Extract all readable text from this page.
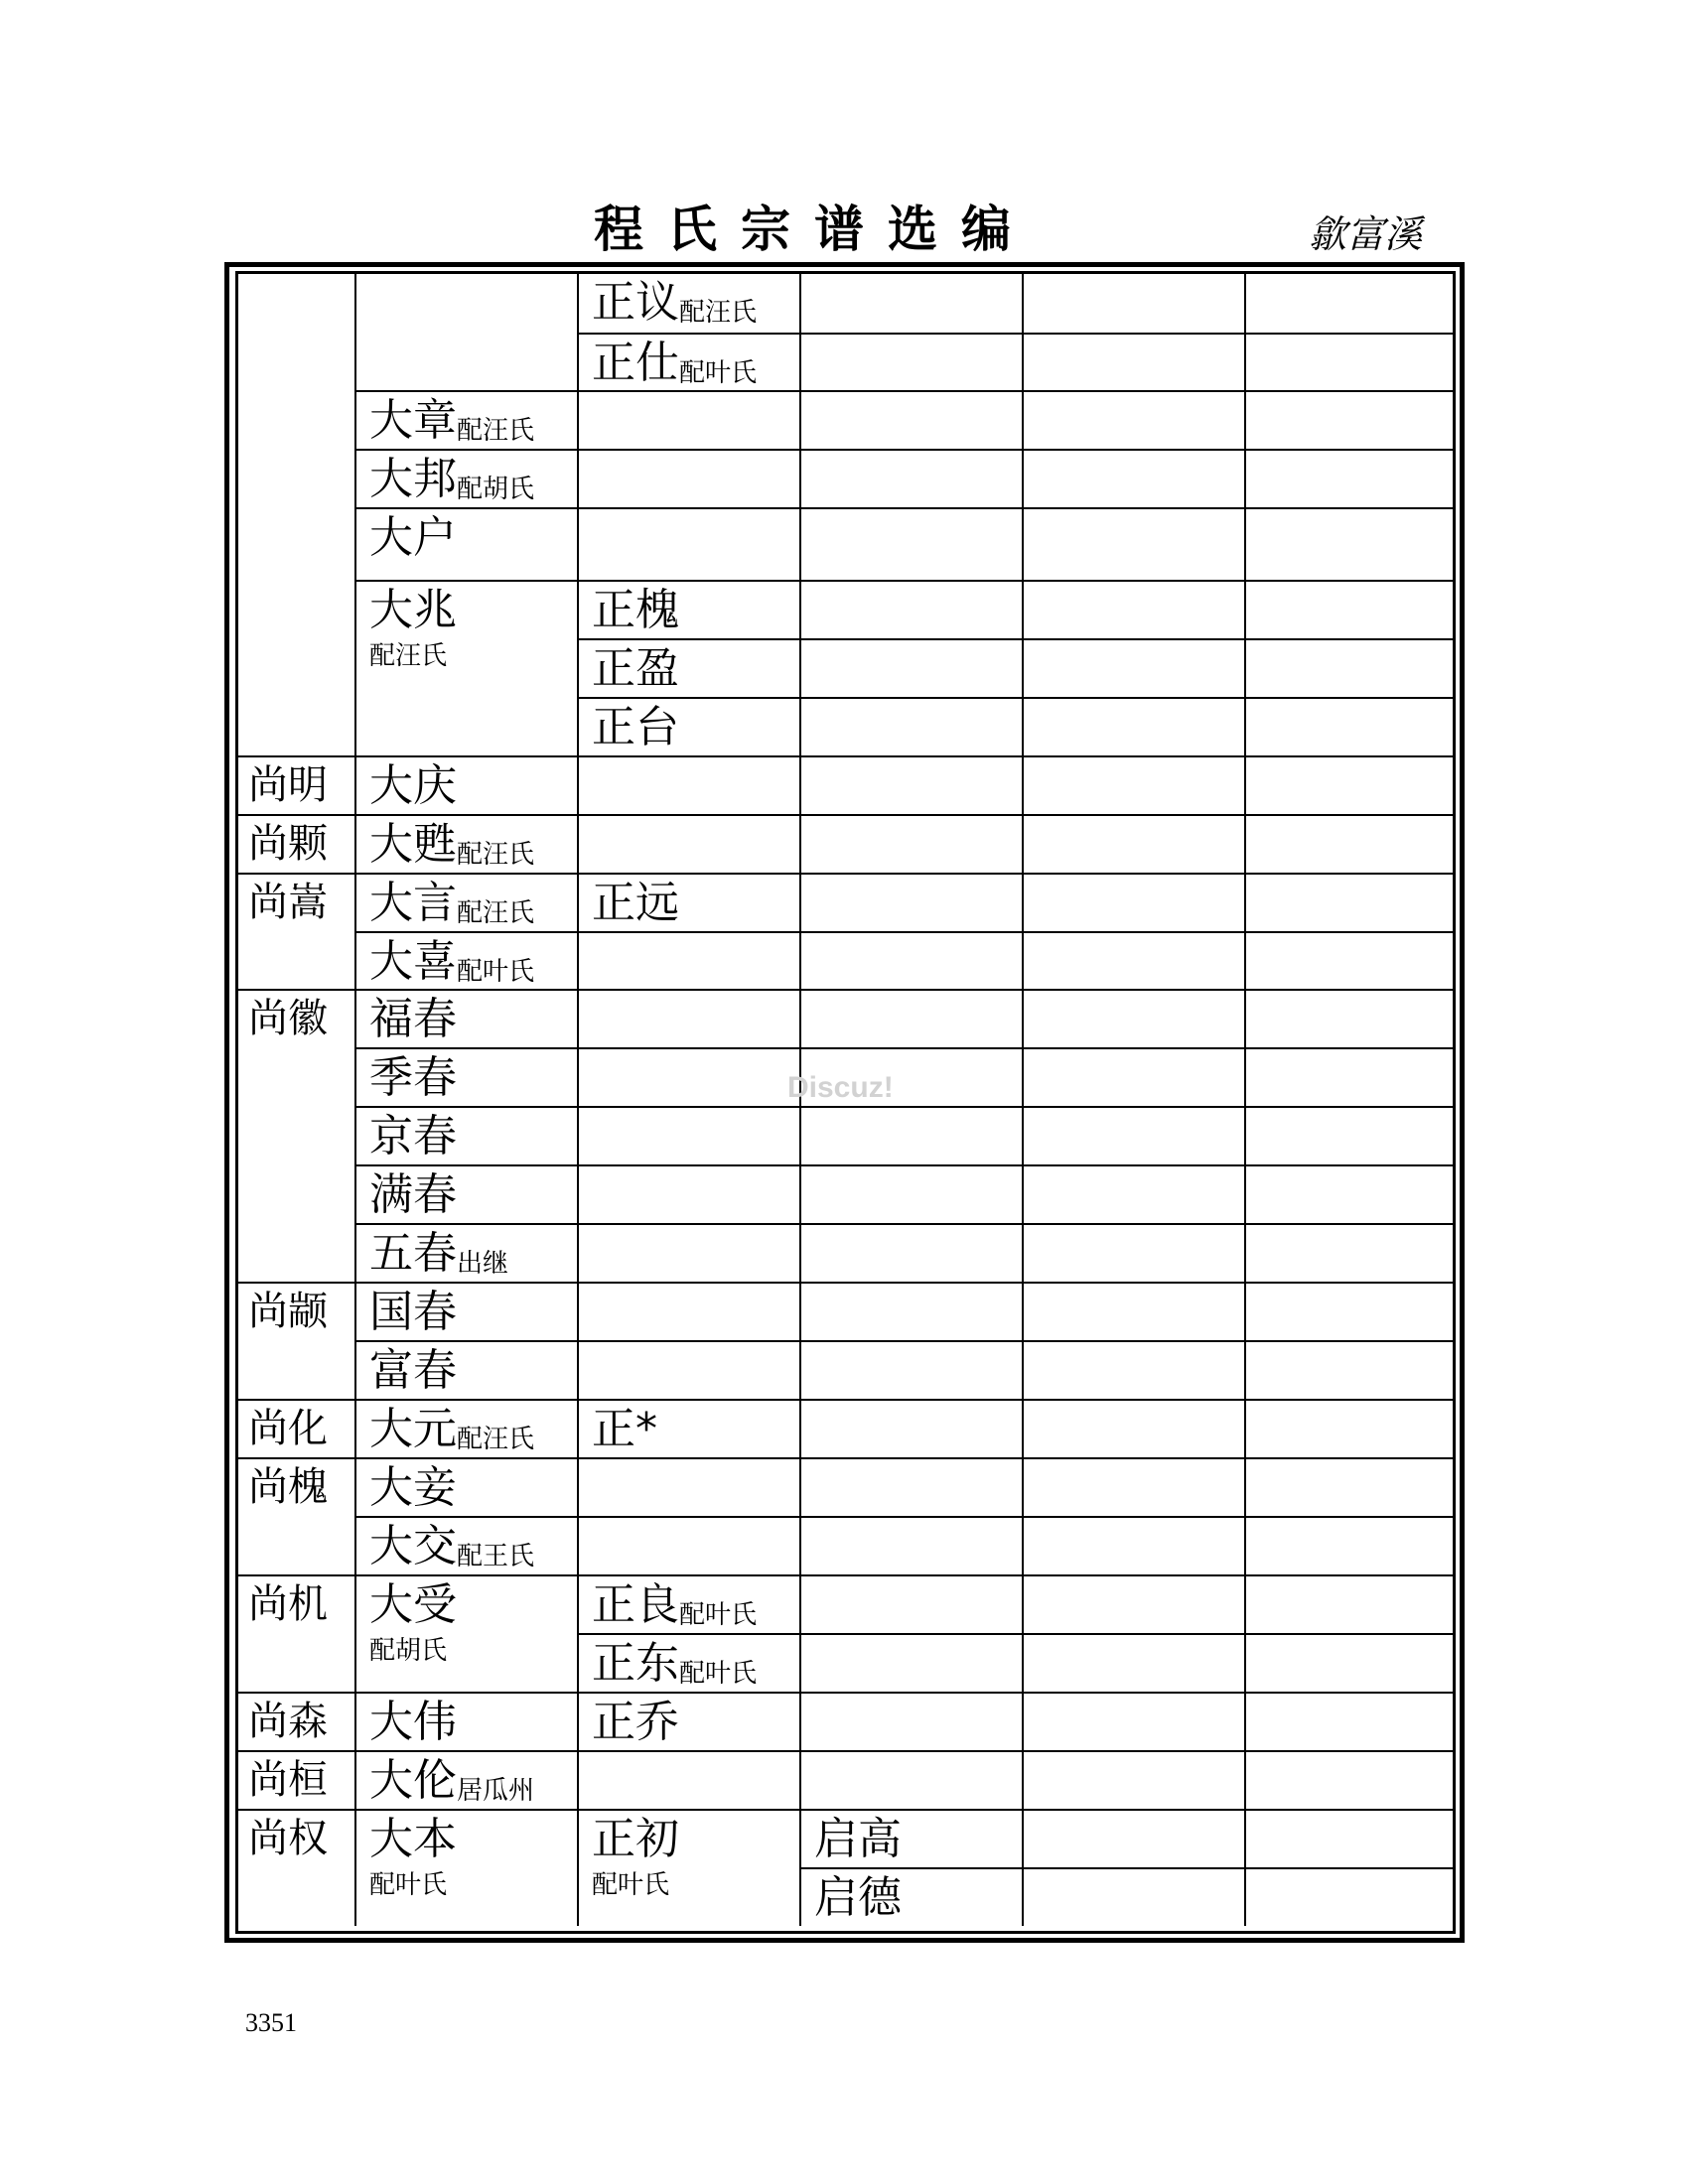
程氏宗谱选编	歙富溪
正议 配汪氏
正仕 配叶氏
大章 配汪氏
大邦 配胡氏
大户
大兆
配汪氏
正槐
正盈
正台
尚明 大庆
尚颗 大甦 配汪氏
尚嵩 大言 配汪氏 正远
大喜 配叶氏
尚徽 福春
季春
京春
满春
五春 出继
尚颛 国春
富春
尚化 大元 配汪氏 正*
尚槐 大妾
大交 配王氏
尚机 大受
配胡氏
正良 配叶氏
正东 配叶氏
尚森 大伟	正乔
尚桓 大伦 居瓜州
尚权 大本
配叶氏
正初
配叶氏
启高
启德
Discuz!
3351
